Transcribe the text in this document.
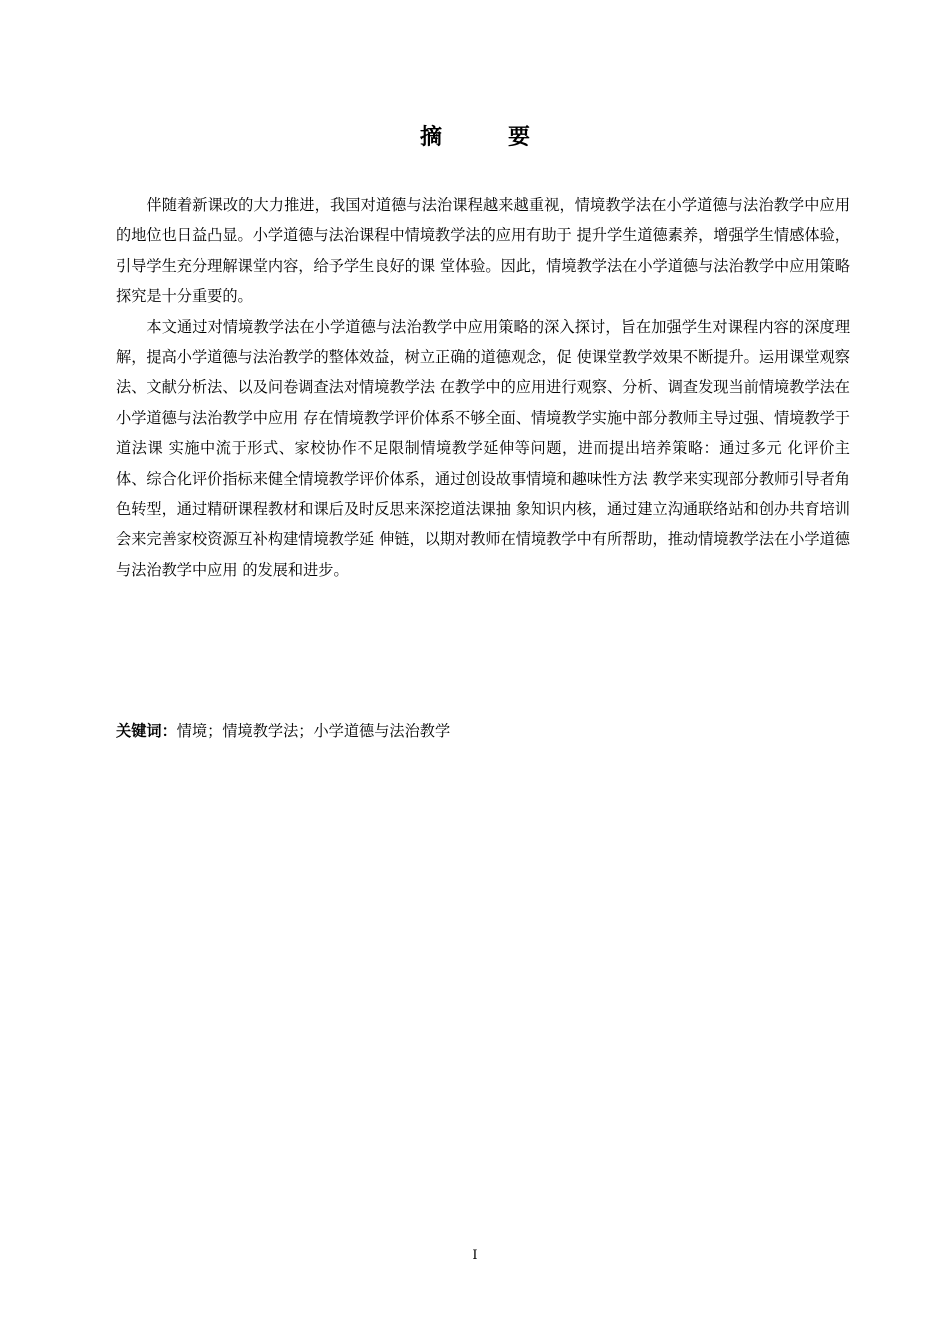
摘　要

伴随着新课改的大力推进，我国对道德与法治课程越来越重视，情境教学法在小学道德与法治教学中应用的地位也日益凸显。小学道德与法治课程中情境教学法的应用有助于 提升学生道德素养，增强学生情感体验，引导学生充分理解课堂内容，给予学生良好的课 堂体验。因此，情境教学法在小学道德与法治教学中应用策略探究是十分重要的。

本文通过对情境教学法在小学道德与法治教学中应用策略的深入探讨，旨在加强学生对课程内容的深度理解，提高小学道德与法治教学的整体效益，树立正确的道德观念，促 使课堂教学效果不断提升。运用课堂观察法、文献分析法、以及问卷调查法对情境教学法 在教学中的应用进行观察、分析、调查发现当前情境教学法在小学道德与法治教学中应用 存在情境教学评价体系不够全面、情境教学实施中部分教师主导过强、情境教学于道法课 实施中流于形式、家校协作不足限制情境教学延伸等问题，进而提出培养策略：通过多元 化评价主体、综合化评价指标来健全情境教学评价体系，通过创设故事情境和趣味性方法 教学来实现部分教师引导者角色转型，通过精研课程教材和课后及时反思来深挖道法课抽 象知识内核，通过建立沟通联络站和创办共育培训会来完善家校资源互补构建情境教学延 伸链，以期对教师在情境教学中有所帮助，推动情境教学法在小学道德与法治教学中应用 的发展和进步。

关键词：情境；情境教学法；小学道德与法治教学
I
